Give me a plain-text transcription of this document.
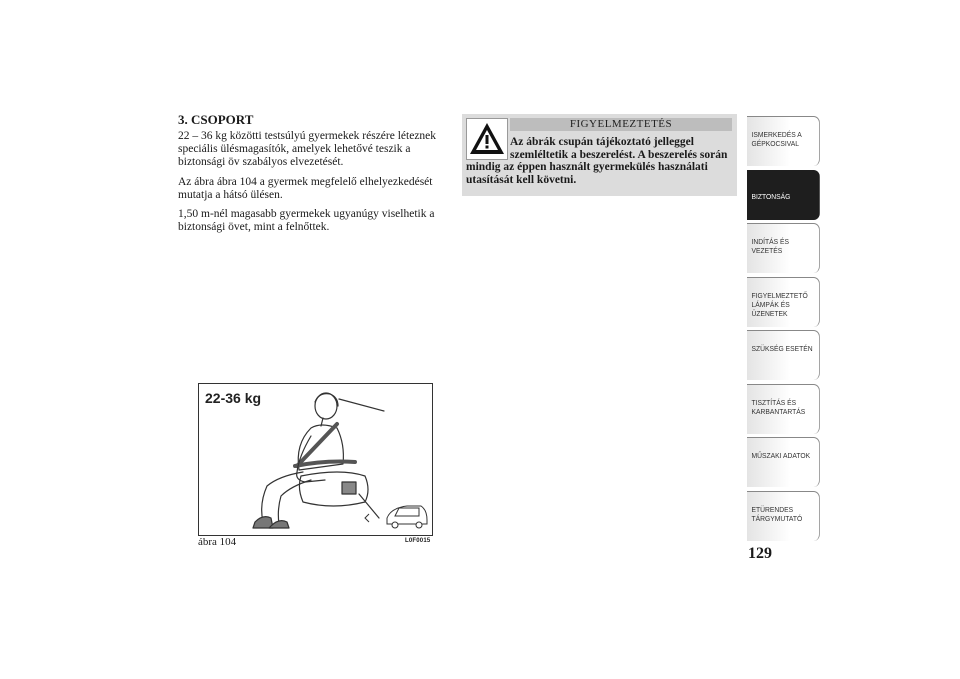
3. CSOPORT
22 – 36 kg közötti testsúlyú gyermekek részére léteznek speciális ülésmagasítók, amelyek lehetővé teszik a biztonsági öv szabályos elvezetését.
Az ábra ábra 104 a gyermek megfelelő elhelyezkedését mutatja a hátsó ülésen.
1,50 m-nél magasabb gyermekek ugyanúgy viselhetik a biztonsági övet, mint a felnőttek.
FIGYELMEZTETÉS
Az ábrák csupán tájékoztató jelleggel szemléltetik a beszerelést. A beszerelés során mindig az éppen használt gyermekülés használati utasítását kell követni.
22-36 kg
ábra 104	L0F0015
ISMERKEDÉS A GÉPKOCSIVAL
BIZTONSÁG
INDÍTÁS ÉS VEZETÉS
FIGYELMEZTETŐ LÁMPÁK ÉS ÜZENETEK
SZÜKSÉG ESETÉN
TISZTÍTÁS ÉS KARBANTARTÁS
MŰSZAKI ADATOK
ETÜRENDES TÁRGYMUTATÓ
129
